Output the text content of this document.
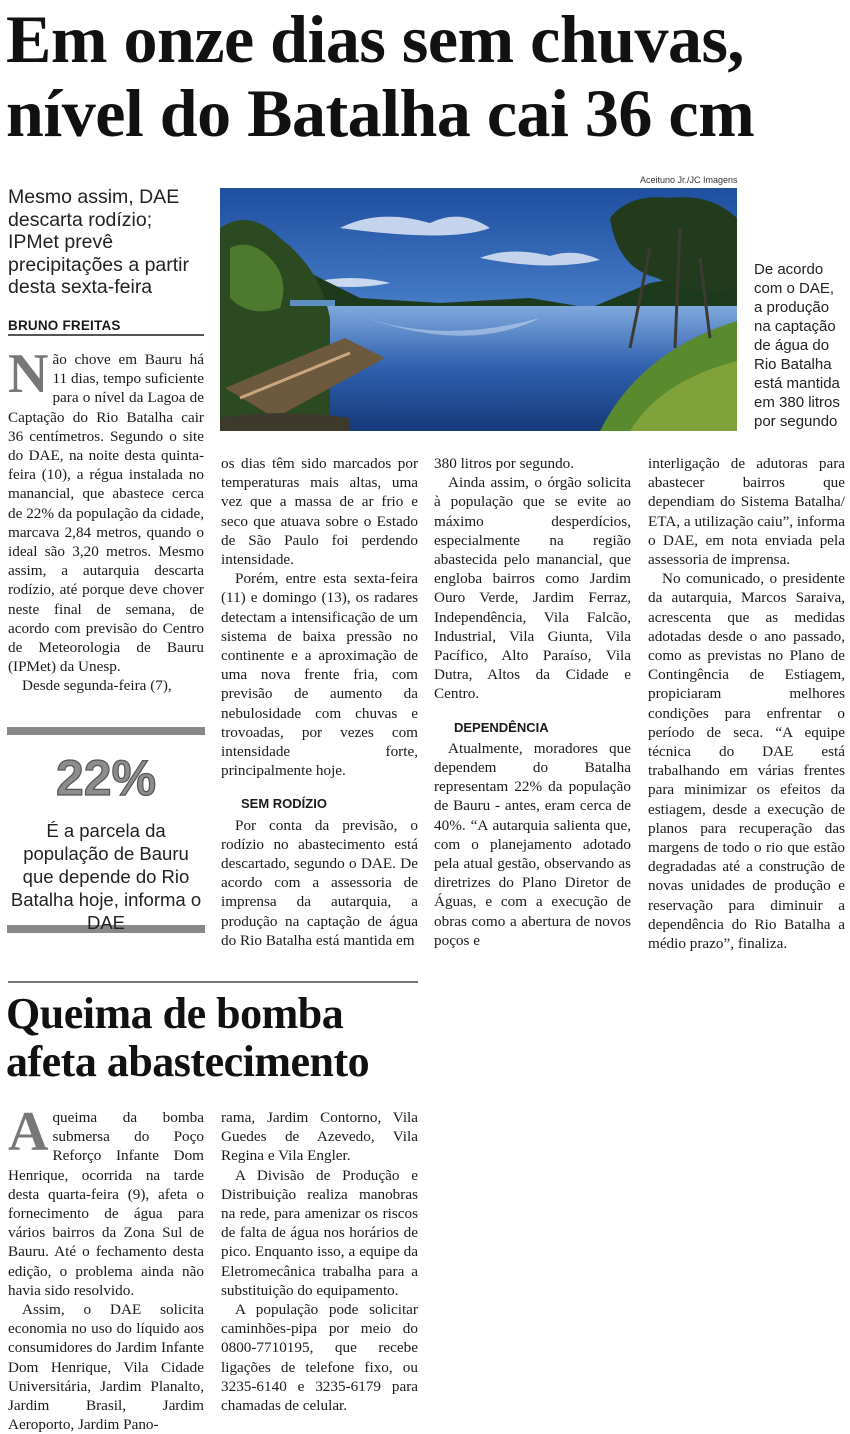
Em onze dias sem chuvas, nível do Batalha cai 36 cm
Mesmo assim, DAE descarta rodízio; IPMet prevê precipitações a partir desta sexta-feira
BRUNO FREITAS
Aceituno Jr./JC Imagens
De acordo com o DAE, a produção na captação de água do Rio Batalha está mantida em 380 litros por segundo

Não chove em Bauru há 11 dias, tempo suficiente para o nível da Lagoa de Captação do Rio Batalha cair 36 centímetros. Segundo o site do DAE, na noite desta quinta-feira (10), a régua instalada no manancial, que abastece cerca de 22% da população da cidade, marcava 2,84 metros, quando o ideal são 3,20 metros. Mesmo assim, a autarquia descarta rodízio, até porque deve chover neste final de semana, de acordo com previsão do Centro de Meteorologia de Bauru (IPMet) da Unesp.

Desde segunda-feira (7),

22%
É a parcela da população de Bauru que depende do Rio Batalha hoje, informa o DAE

os dias têm sido marcados por temperaturas mais altas, uma vez que a massa de ar frio e seco que atuava sobre o Estado de São Paulo foi perdendo intensidade.

Porém, entre esta sexta-feira (11) e domingo (13), os radares detectam a intensificação de um sistema de baixa pressão no continente e a aproximação de uma nova frente fria, com previsão de aumento da nebulosidade com chuvas e trovoadas, por vezes com intensidade forte, principalmente hoje.

SEM RODÍZIO

Por conta da previsão, o rodízio no abastecimento está descartado, segundo o DAE. De acordo com a assessoria de imprensa da autarquia, a produção na captação de água do Rio Batalha está mantida em

380 litros por segundo.

Ainda assim, o órgão solicita à população que se evite ao máximo desperdícios, especialmente na região abastecida pelo manancial, que engloba bairros como Jardim Ouro Verde, Jardim Ferraz, Independência, Vila Falcão, Industrial, Vila Giunta, Vila Pacífico, Alto Paraíso, Vila Dutra, Altos da Cidade e Centro.

DEPENDÊNCIA

Atualmente, moradores que dependem do Batalha representam 22% da população de Bauru - antes, eram cerca de 40%. “A autarquia salienta que, com o planejamento adotado pela atual gestão, observando as diretrizes do Plano Diretor de Águas, e com a execução de obras como a abertura de novos poços e

interligação de adutoras para abastecer bairros que dependiam do Sistema Batalha/ ETA, a utilização caiu”, informa o DAE, em nota enviada pela assessoria de imprensa.

No comunicado, o presidente da autarquia, Marcos Saraiva, acrescenta que as medidas adotadas desde o ano passado, como as previstas no Plano de Contingência de Estiagem, propiciaram melhores condições para enfrentar o período de seca. “A equipe técnica do DAE está trabalhando em várias frentes para minimizar os efeitos da estiagem, desde a execução de planos para recuperação das margens de todo o rio que estão degradadas até a construção de novas unidades de produção e reservação para diminuir a dependência do Rio Batalha a médio prazo”, finaliza.

Queima de bomba afeta abastecimento

Aqueima da bomba submersa do Poço Reforço Infante Dom Henrique, ocorrida na tarde desta quarta-feira (9), afeta o fornecimento de água para vários bairros da Zona Sul de Bauru. Até o fechamento desta edição, o problema ainda não havia sido resolvido.

Assim, o DAE solicita economia no uso do líquido aos consumidores do Jardim Infante Dom Henrique, Vila Cidade Universitária, Jardim Planalto, Jardim Brasil, Jardim Aeroporto, Jardim Pano-

rama, Jardim Contorno, Vila Guedes de Azevedo, Vila Regina e Vila Engler.

A Divisão de Produção e Distribuição realiza manobras na rede, para amenizar os riscos de falta de água nos horários de pico. Enquanto isso, a equipe da Eletromecânica trabalha para a substituição do equipamento.

A população pode solicitar caminhões-pipa por meio do 0800-7710195, que recebe ligações de telefone fixo, ou 3235-6140 e 3235-6179 para chamadas de celular.
